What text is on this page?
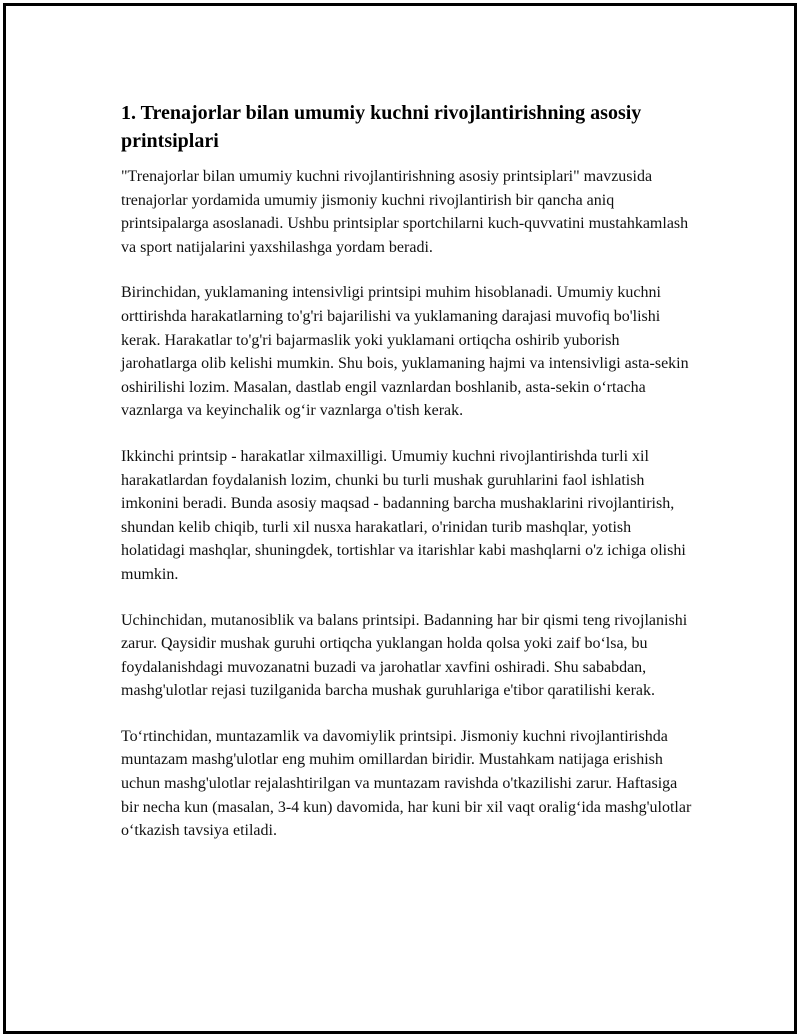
1. Trenajorlar bilan umumiy kuchni rivojlantirishning asosiy printsiplari

"Trenajorlar bilan umumiy kuchni rivojlantirishning asosiy printsiplari" mavzusida trenajorlar yordamida umumiy jismoniy kuchni rivojlantirish bir qancha aniq printsipalarga asoslanadi. Ushbu printsiplar sportchilarni kuch-quvvatini mustahkamlash va sport natijalarini yaxshilashga yordam beradi.

Birinchidan, yuklamaning intensivligi printsipi muhim hisoblanadi. Umumiy kuchni orttirishda harakatlarning to'g'ri bajarilishi va yuklamaning darajasi muvofiq bo'lishi kerak. Harakatlar to'g'ri bajarmaslik yoki yuklamani ortiqcha oshirib yuborish jarohatlarga olib kelishi mumkin. Shu bois, yuklamaning hajmi va intensivligi asta-sekin oshirilishi lozim. Masalan, dastlab engil vaznlardan boshlanib, asta-sekin o‘rtacha vaznlarga va keyinchalik og‘ir vaznlarga o'tish kerak.

Ikkinchi printsip - harakatlar xilmaxilligi. Umumiy kuchni rivojlantirishda turli xil harakatlardan foydalanish lozim, chunki bu turli mushak guruhlarini faol ishlatish imkonini beradi. Bunda asosiy maqsad - badanning barcha mushaklarini rivojlantirish, shundan kelib chiqib, turli xil nusxa harakatlari, o'rinidan turib mashqlar, yotish holatidagi mashqlar, shuningdek, tortishlar va itarishlar kabi mashqlarni o'z ichiga olishi mumkin.

Uchinchidan, mutanosiblik va balans printsipi. Badanning har bir qismi teng rivojlanishi zarur. Qaysidir mushak guruhi ortiqcha yuklangan holda qolsa yoki zaif bo‘lsa, bu foydalanishdagi muvozanatni buzadi va jarohatlar xavfini oshiradi. Shu sababdan, mashg'ulotlar rejasi tuzilganida barcha mushak guruhlariga e'tibor qaratilishi kerak.

To‘rtinchidan, muntazamlik va davomiylik printsipi. Jismoniy kuchni rivojlantirishda muntazam mashg'ulotlar eng muhim omillardan biridir. Mustahkam natijaga erishish uchun mashg'ulotlar rejalashtirilgan va muntazam ravishda o'tkazilishi zarur. Haftasiga bir necha kun (masalan, 3-4 kun) davomida, har kuni bir xil vaqt oralig‘ida mashg'ulotlar o‘tkazish tavsiya etiladi.
